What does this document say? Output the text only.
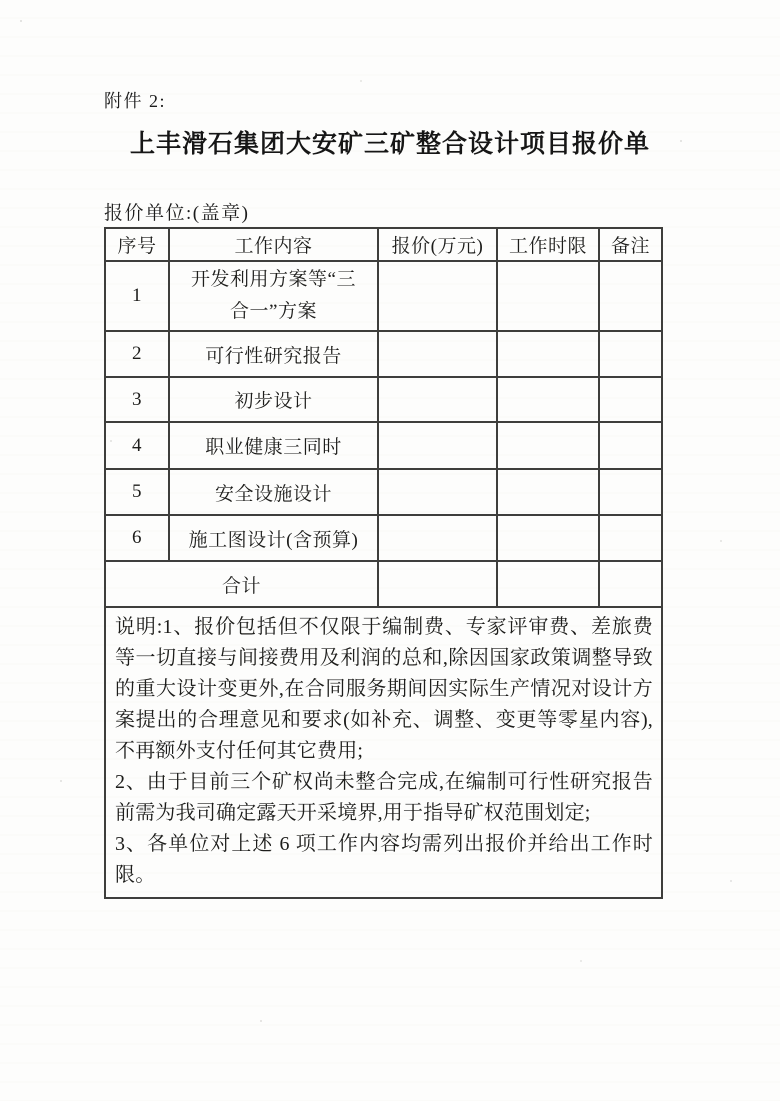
附件 2:
上丰滑石集团大安矿三矿整合设计项目报价单
报价单位:(盖章)
序号	工作内容	报价(万元)	工作时限	备注
1	开发利用方案等“三合一”方案			
2	可行性研究报告			
3	初步设计			
4	职业健康三同时			
5	安全设施设计			
6	施工图设计(含预算)			
合计				

说明:1、报价包括但不仅限于编制费、专家评审费、差旅费等一切直接与间接费用及利润的总和,除因国家政策调整导致的重大设计变更外,在合同服务期间因实际生产情况对设计方案提出的合理意见和要求(如补充、调整、变更等零星内容),不再额外支付任何其它费用;

2、由于目前三个矿权尚未整合完成,在编制可行性研究报告前需为我司确定露天开采境界,用于指导矿权范围划定;

3、各单位对上述 6 项工作内容均需列出报价并给出工作时限。				
